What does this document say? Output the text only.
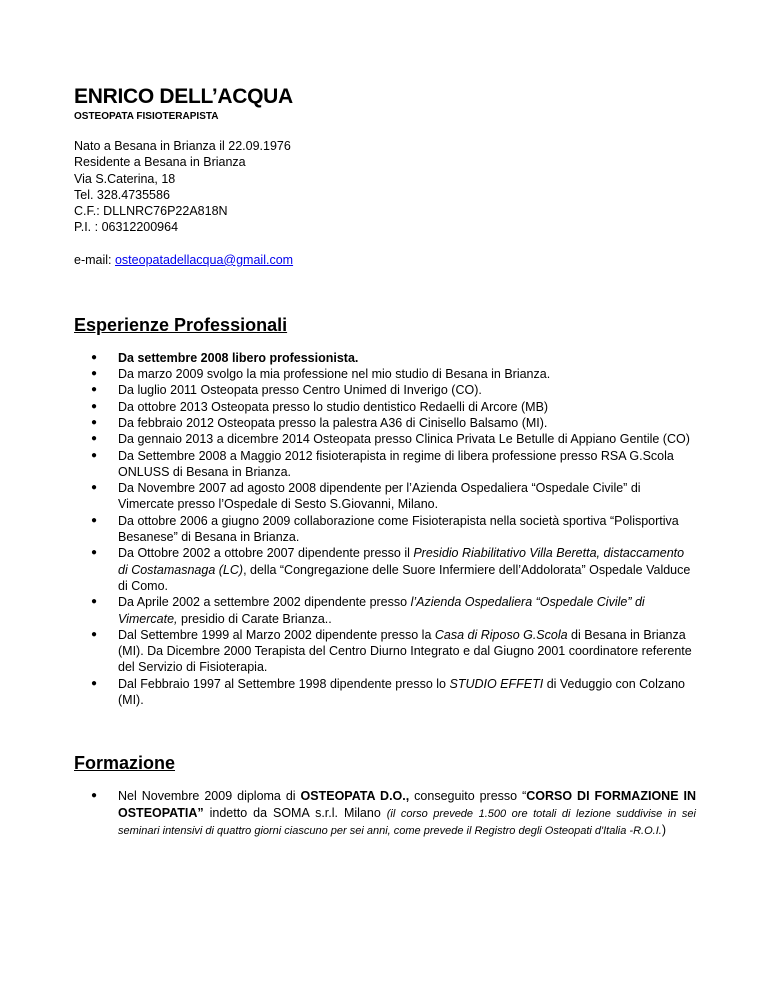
ENRICO DELL’ACQUA
OSTEOPATA FISIOTERAPISTA
Nato a Besana in Brianza il 22.09.1976
Residente a Besana in Brianza
Via S.Caterina, 18
Tel. 328.4735586
C.F.: DLLNRC76P22A818N
P.I. : 06312200964
e-mail: osteopatadellacqua@gmail.com
Esperienze Professionali
● Da settembre 2008 libero professionista.
● Da marzo 2009 svolgo la mia professione nel mio studio di Besana in Brianza.
● Da luglio 2011 Osteopata presso Centro Unimed di Inverigo (CO).
● Da ottobre 2013 Osteopata presso lo studio dentistico Redaelli di Arcore (MB)
● Da febbraio 2012 Osteopata presso la palestra A36 di Cinisello Balsamo (MI).
● Da gennaio 2013 a dicembre 2014 Osteopata presso Clinica Privata Le Betulle di Appiano Gentile (CO)
● Da Settembre 2008 a Maggio 2012 fisioterapista in regime di libera professione presso RSA G.Scola ONLUSS di Besana in Brianza.
● Da Novembre 2007 ad agosto 2008 dipendente per l’Azienda Ospedaliera “Ospedale Civile” di Vimercate presso l’Ospedale di Sesto S.Giovanni, Milano.
● Da ottobre 2006 a giugno 2009 collaborazione come Fisioterapista nella società sportiva “Polisportiva Besanese” di Besana in Brianza.
● Da Ottobre 2002 a ottobre 2007 dipendente presso il Presidio Riabilitativo Villa Beretta, distaccamento di Costamasnaga (LC), della “Congregazione delle Suore Infermiere dell’Addolorata” Ospedale Valduce di Como.
● Da Aprile 2002 a settembre 2002 dipendente presso l’Azienda Ospedaliera “Ospedale Civile” di Vimercate, presidio di Carate Brianza..
● Dal Settembre 1999 al Marzo 2002 dipendente presso la Casa di Riposo G.Scola di Besana in Brianza (MI). Da Dicembre 2000 Terapista del Centro Diurno Integrato e dal Giugno 2001 coordinatore referente del Servizio di Fisioterapia.
● Dal Febbraio 1997 al Settembre 1998 dipendente presso lo STUDIO EFFETI di Veduggio con Colzano (MI).
Formazione
● Nel Novembre 2009 diploma di OSTEOPATA D.O., conseguito presso “CORSO DI FORMAZIONE IN OSTEOPATIA” indetto da SOMA s.r.l. Milano (il corso prevede 1.500 ore totali di lezione suddivise in sei seminari intensivi di quattro giorni ciascuno per sei anni, come prevede il Registro degli Osteopati d'Italia -R.O.I.)
